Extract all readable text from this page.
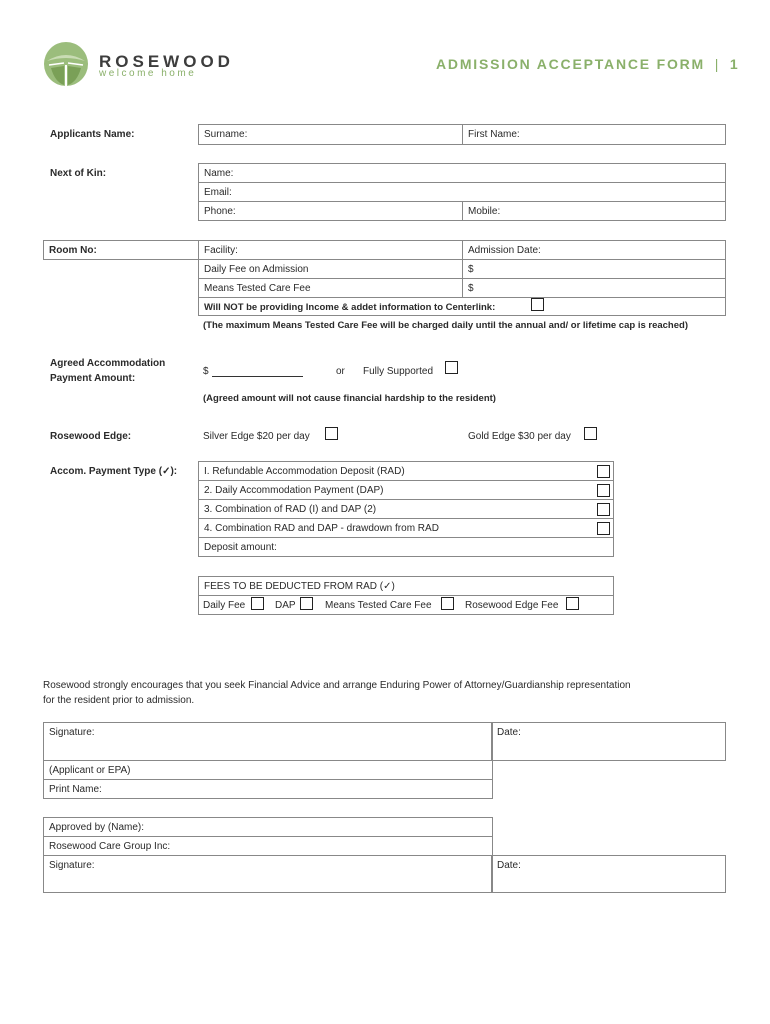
ROSEWOOD
welcome home
ADMISSION ACCEPTANCE FORM | 1
Applicants Name:	Surname:	First Name:
Next of Kin:	Name:
Email:
Phone:	Mobile:
Room No:	Facility:	Admission Date:
Daily Fee on Admission	$
Means Tested Care Fee	$
Will NOT be providing Income & addet information to Centerlink:
(The maximum Means Tested Care Fee will be charged daily until the annual and/ or lifetime cap is reached)
Agreed Accommodation
Payment Amount:
$	or Fully Supported
(Agreed amount will not cause financial hardship to the resident)
Rosewood Edge:	Silver Edge $20 per day	Gold Edge $30 per day
Accom. Payment Type (✓):	I. Refundable Accommodation Deposit (RAD)
2. Daily Accommodation Payment (DAP)
3. Combination of RAD (I) and DAP (2)
4. Combination RAD and DAP - drawdown from RAD
Deposit amount:
FEES TO BE DEDUCTED FROM RAD (✓)
Daily Fee	DAP	Means Tested Care Fee	Rosewood Edge Fee
Rosewood strongly encourages that you seek Financial Advice and arrange Enduring Power of Attorney/Guardianship representation
for the resident prior to admission.
Signature:	Date:
(Applicant or EPA)
Print Name:
Approved by (Name):
Rosewood Care Group Inc:
Signature:	Date:
